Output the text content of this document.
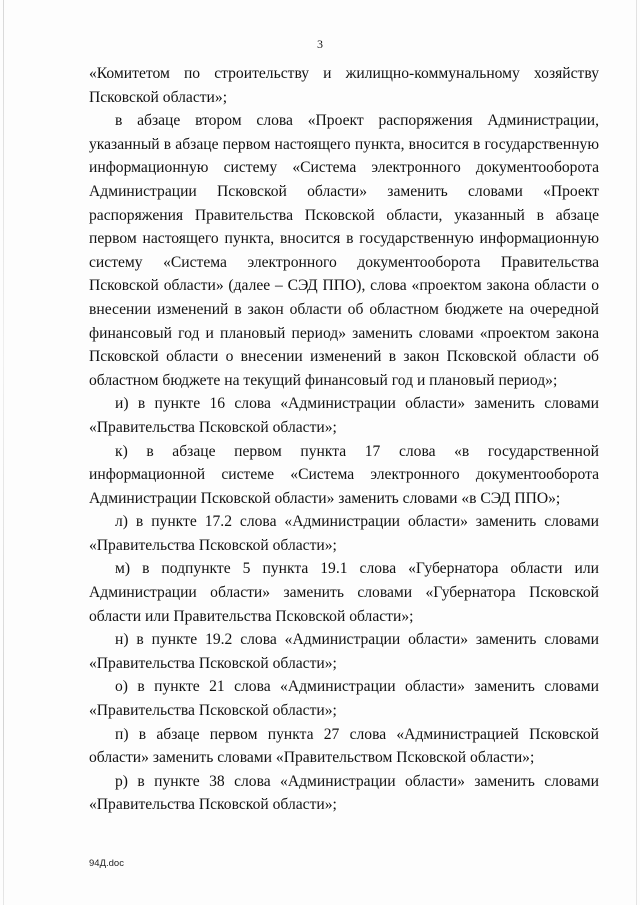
3

«Комитетом по строительству и жилищно-коммунальному хозяйству Псковской области»;

в абзаце втором слова «Проект распоряжения Администрации, указанный в абзаце первом настоящего пункта, вносится в государственную информационную систему «Система электронного документооборота Администрации Псковской области» заменить словами «Проект распоряжения Правительства Псковской области, указанный в абзаце первом настоящего пункта, вносится в государственную информационную систему «Система электронного документооборота Правительства Псковской области» (далее – СЭД ППО), слова «проектом закона области о внесении изменений в закон области об областном бюджете на очередной финансовый год и плановый период» заменить словами «проектом закона Псковской области о внесении изменений в закон Псковской области об областном бюджете на текущий финансовый год и плановый период»;

и) в пункте 16 слова «Администрации области» заменить словами «Правительства Псковской области»;

к) в абзаце первом пункта 17 слова «в государственной информационной системе «Система электронного документооборота Администрации Псковской области» заменить словами «в СЭД ППО»;

л) в пункте 17.2 слова «Администрации области» заменить словами «Правительства Псковской области»;

м) в подпункте 5 пункта 19.1 слова «Губернатора области или Администрации области» заменить словами «Губернатора Псковской области или Правительства Псковской области»;

н) в пункте 19.2 слова «Администрации области» заменить словами «Правительства Псковской области»;

о) в пункте 21 слова «Администрации области» заменить словами «Правительства Псковской области»;

п) в абзаце первом пункта 27 слова «Администрацией Псковской области» заменить словами «Правительством Псковской области»;

р) в пункте 38 слова «Администрации области» заменить словами «Правительства Псковской области»;

94Д.doc
